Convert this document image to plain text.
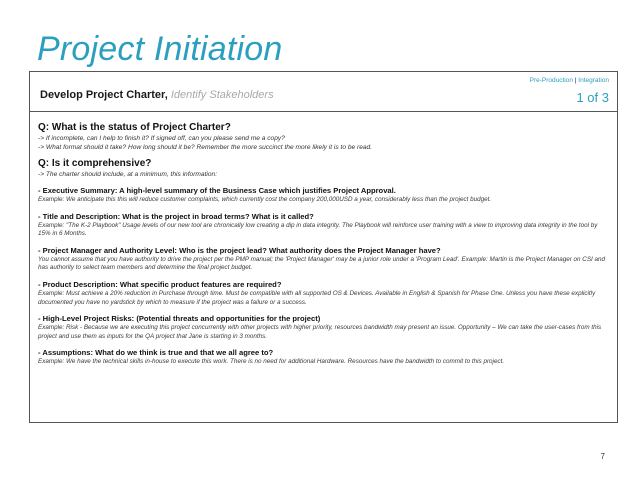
Project Initiation
Develop Project Charter, Identify Stakeholders
Pre-Production | Integration
1 of 3
Q: What is the status of Project Charter?
-> If incomplete, can I help to finish it? If signed off, can you please send me a copy?
-> What format should it take? How long should it be? Remember the more succinct the more likely it is to be read.
Q: Is it comprehensive?
-> The charter should include, at a minimum, this information:
- Executive Summary: A high-level summary of the Business Case which justifies Project Approval.
Example: We anticipate this this will reduce customer complaints, which currently cost the company 200,000USD a year, considerably less than the project budget.
- Title and Description: What is the project in broad terms? What is it called?
Example: "The K-2 Playbook" Usage levels of our new tool are chronically low creating a dip in data integrity. The Playbook will reinforce user training with a view to improving data integrity in the tool by 15% in 6 Months.
- Project Manager and Authority Level: Who is the project lead? What authority does the Project Manager have?
You cannot assume that you have authority to drive the project per the PMP manual; the 'Project Manager' may be a junior role under a 'Program Lead'. Example: Martin is the Project Manager on CSI and has authority to select team members and determine the final project budget.
- Product Description: What specific product features are required?
Example: Must achieve a 20% reduction in Purchase through time. Must be compatible with all supported OS & Devices. Available in English & Spanish for Phase One. Unless you have these explicitly documented you have no yardstick by which to measure if the project was a failure or a success.
- High-Level Project Risks: (Potential threats and opportunities for the project)
Example: Risk - Because we are executing this project concurrently with other projects with higher priority, resources bandwidth may present an issue. Opportunity – We can take the user-cases from this project and use them as inputs for the QA project that Jane is starting in 3 months.
- Assumptions: What do we think is true and that we all agree to?
Example: We have the technical skills in-house to execute this work. There is no need for additional Hardware. Resources have the bandwidth to commit to this project.
7
